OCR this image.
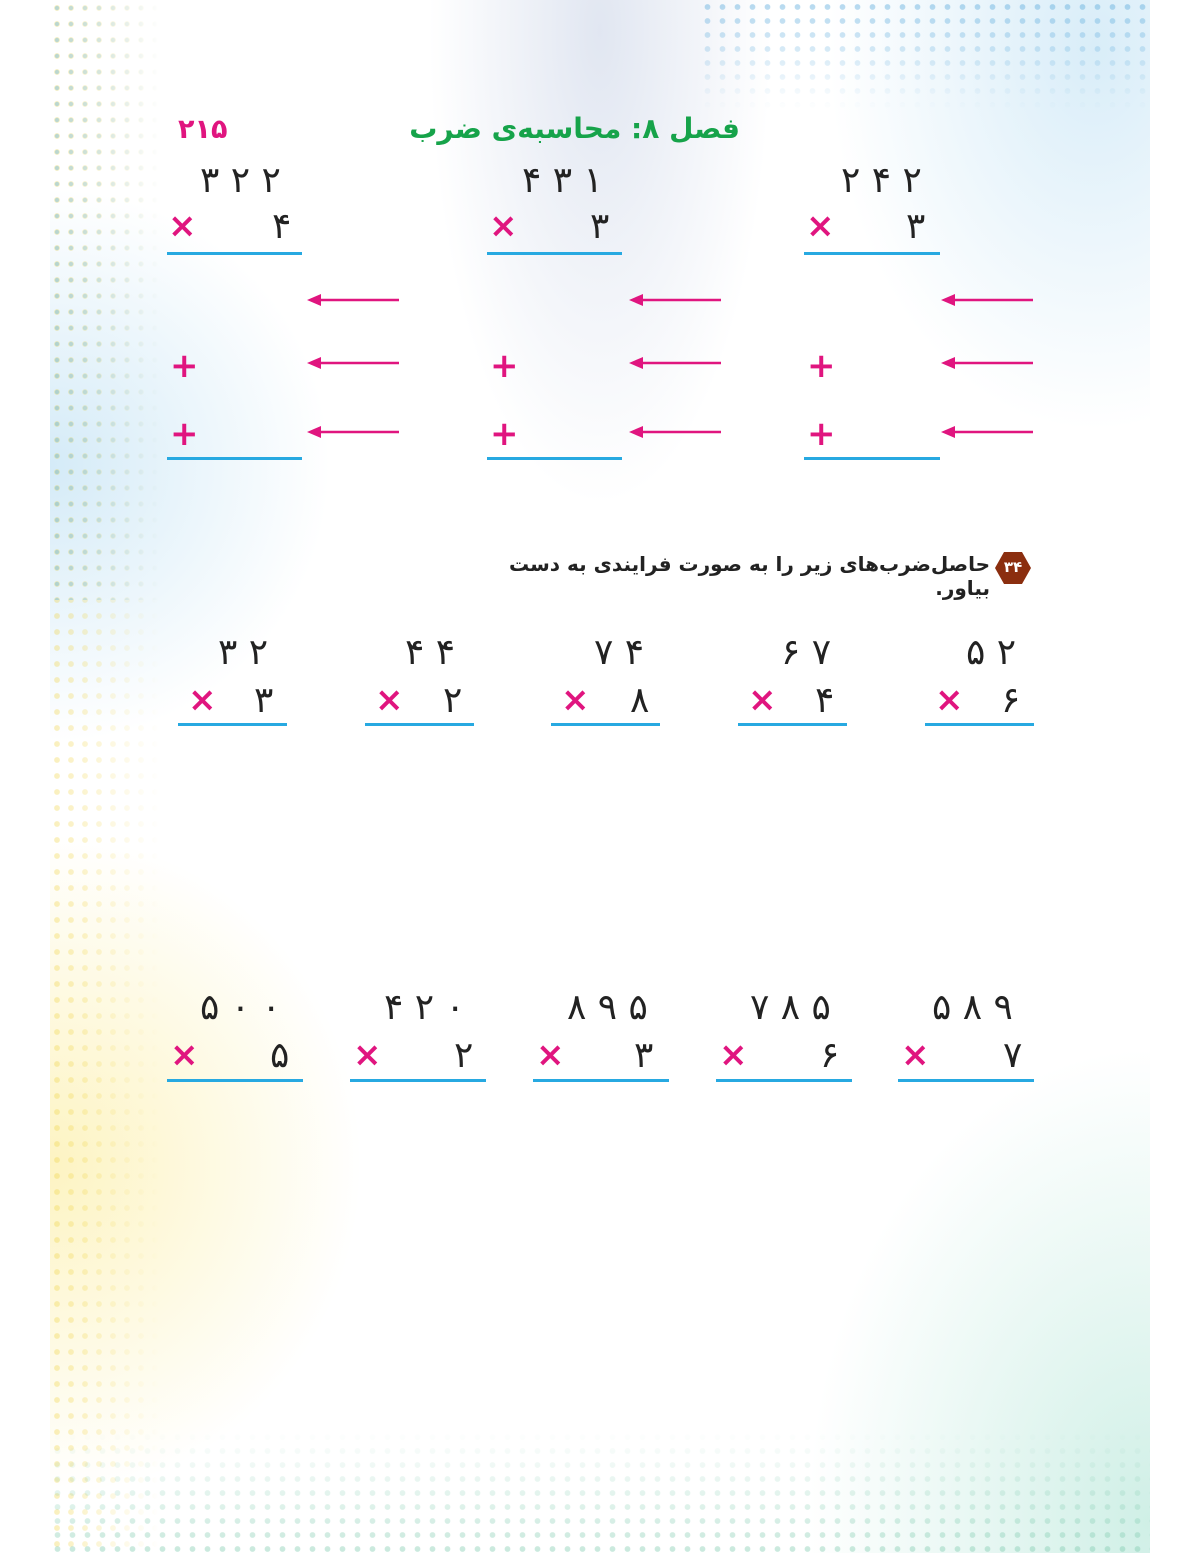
۲۱۵	فصل ۸: محاسبه‌ی ضرب
۳ ۲ ۲
× ۴
+
+
۴ ۳ ۱
× ۳
+
+
۲ ۴ ۲
× ۳
+
+
۳۴
حاصل‌ضرب‌های زیر را به صورت فرایندی به دست بیاور.
۳ ۲
× ۳
۴ ۴
× ۲
۷ ۴
× ۸
۶ ۷
× ۴
۵ ۲
× ۶
۵ ۰ ۰
× ۵
۴ ۲ ۰
× ۲
۸ ۹ ۵
× ۳
۷ ۸ ۵
× ۶
۵ ۸ ۹
× ۷
